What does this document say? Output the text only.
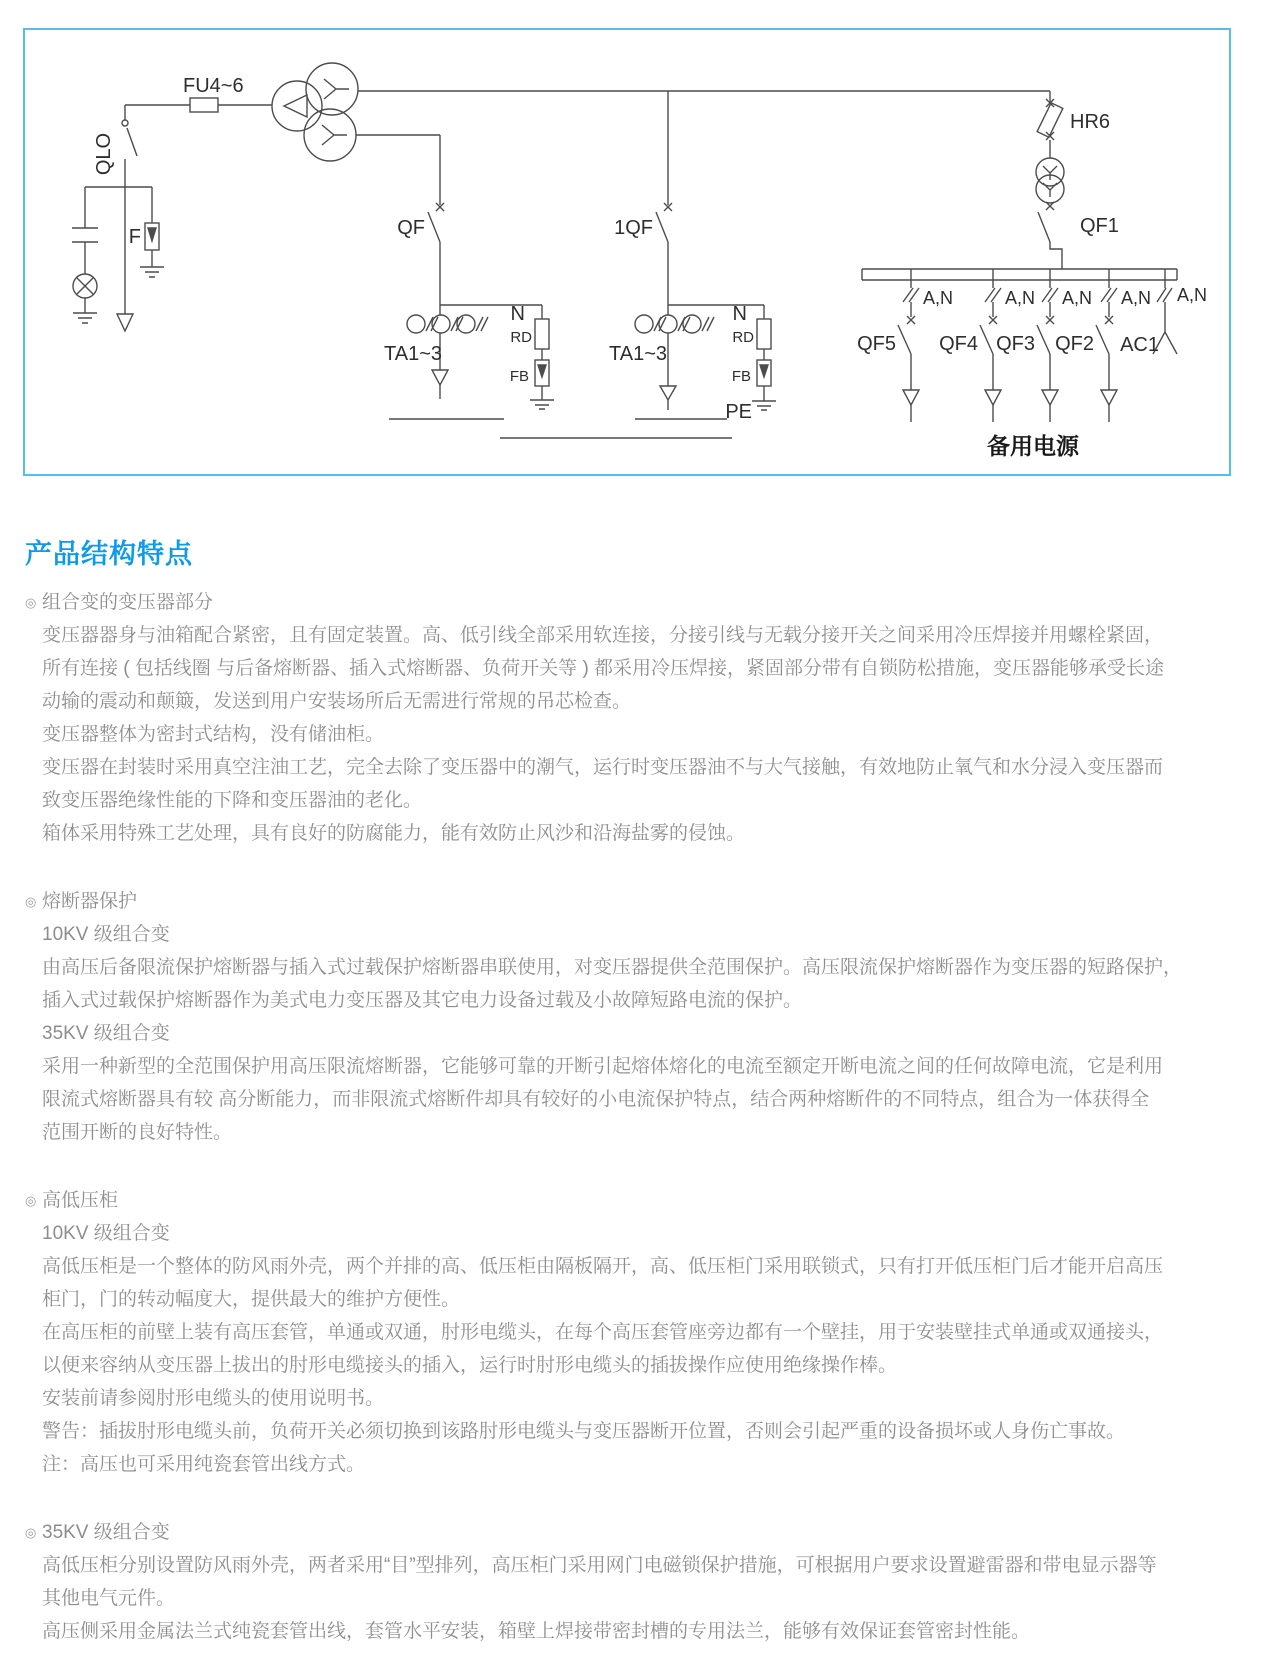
FU4~6
QLO
F	QF	1QF
TA1~3	TA1~3
N	N
RD	RD
FB	FB
PE
HR6
QF1
QF5 QF4 QF3 QF2 AC1
A,N	A,N A,N A,N A,N
备用电源
产品结构特点
◎ 组合变的变压器部分
变压器器身与油箱配合紧密，且有固定装置。高、低引线全部采用软连接，分接引线与无载分接开关之间采用冷压焊接并用螺栓紧固，
所有连接 ( 包括线圈 与后备熔断器、插入式熔断器、负荷开关等 ) 都采用冷压焊接，紧固部分带有自锁防松措施，变压器能够承受长途
动输的震动和颠簸，发送到用户安装场所后无需进行常规的吊芯检查。
变压器整体为密封式结构，没有储油柜。
变压器在封装时采用真空注油工艺，完全去除了变压器中的潮气，运行时变压器油不与大气接触，有效地防止氧气和水分浸入变压器而
致变压器绝缘性能的下降和变压器油的老化。
箱体采用特殊工艺处理，具有良好的防腐能力，能有效防止风沙和沿海盐雾的侵蚀。
◎ 熔断器保护
10KV 级组合变
由高压后备限流保护熔断器与插入式过载保护熔断器串联使用，对变压器提供全范围保护。高压限流保护熔断器作为变压器的短路保护，
插入式过载保护熔断器作为美式电力变压器及其它电力设备过载及小故障短路电流的保护。
35KV 级组合变
采用一种新型的全范围保护用高压限流熔断器，它能够可靠的开断引起熔体熔化的电流至额定开断电流之间的任何故障电流，它是利用
限流式熔断器具有较 高分断能力，而非限流式熔断件却具有较好的小电流保护特点，结合两种熔断件的不同特点，组合为一体获得全
范围开断的良好特性。
◎ 高低压柜
10KV 级组合变
高低压柜是一个整体的防风雨外壳，两个并排的高、低压柜由隔板隔开，高、低压柜门采用联锁式，只有打开低压柜门后才能开启高压
柜门，门的转动幅度大，提供最大的维护方便性。
在高压柜的前壁上装有高压套管，单通或双通，肘形电缆头，在每个高压套管座旁边都有一个壁挂，用于安装壁挂式单通或双通接头，
以便来容纳从变压器上拔出的肘形电缆接头的插入，运行时肘形电缆头的插拔操作应使用绝缘操作棒。
安装前请参阅肘形电缆头的使用说明书。
警告：插拔肘形电缆头前，负荷开关必须切换到该路肘形电缆头与变压器断开位置，否则会引起严重的设备损坏或人身伤亡事故。
注：高压也可采用纯瓷套管出线方式。
◎ 35KV 级组合变
高低压柜分别设置防风雨外壳，两者采用“目”型排列，高压柜门采用网门电磁锁保护措施，可根据用户要求设置避雷器和带电显示器等
其他电气元件。
高压侧采用金属法兰式纯瓷套管出线，套管水平安装，箱壁上焊接带密封槽的专用法兰，能够有效保证套管密封性能。
